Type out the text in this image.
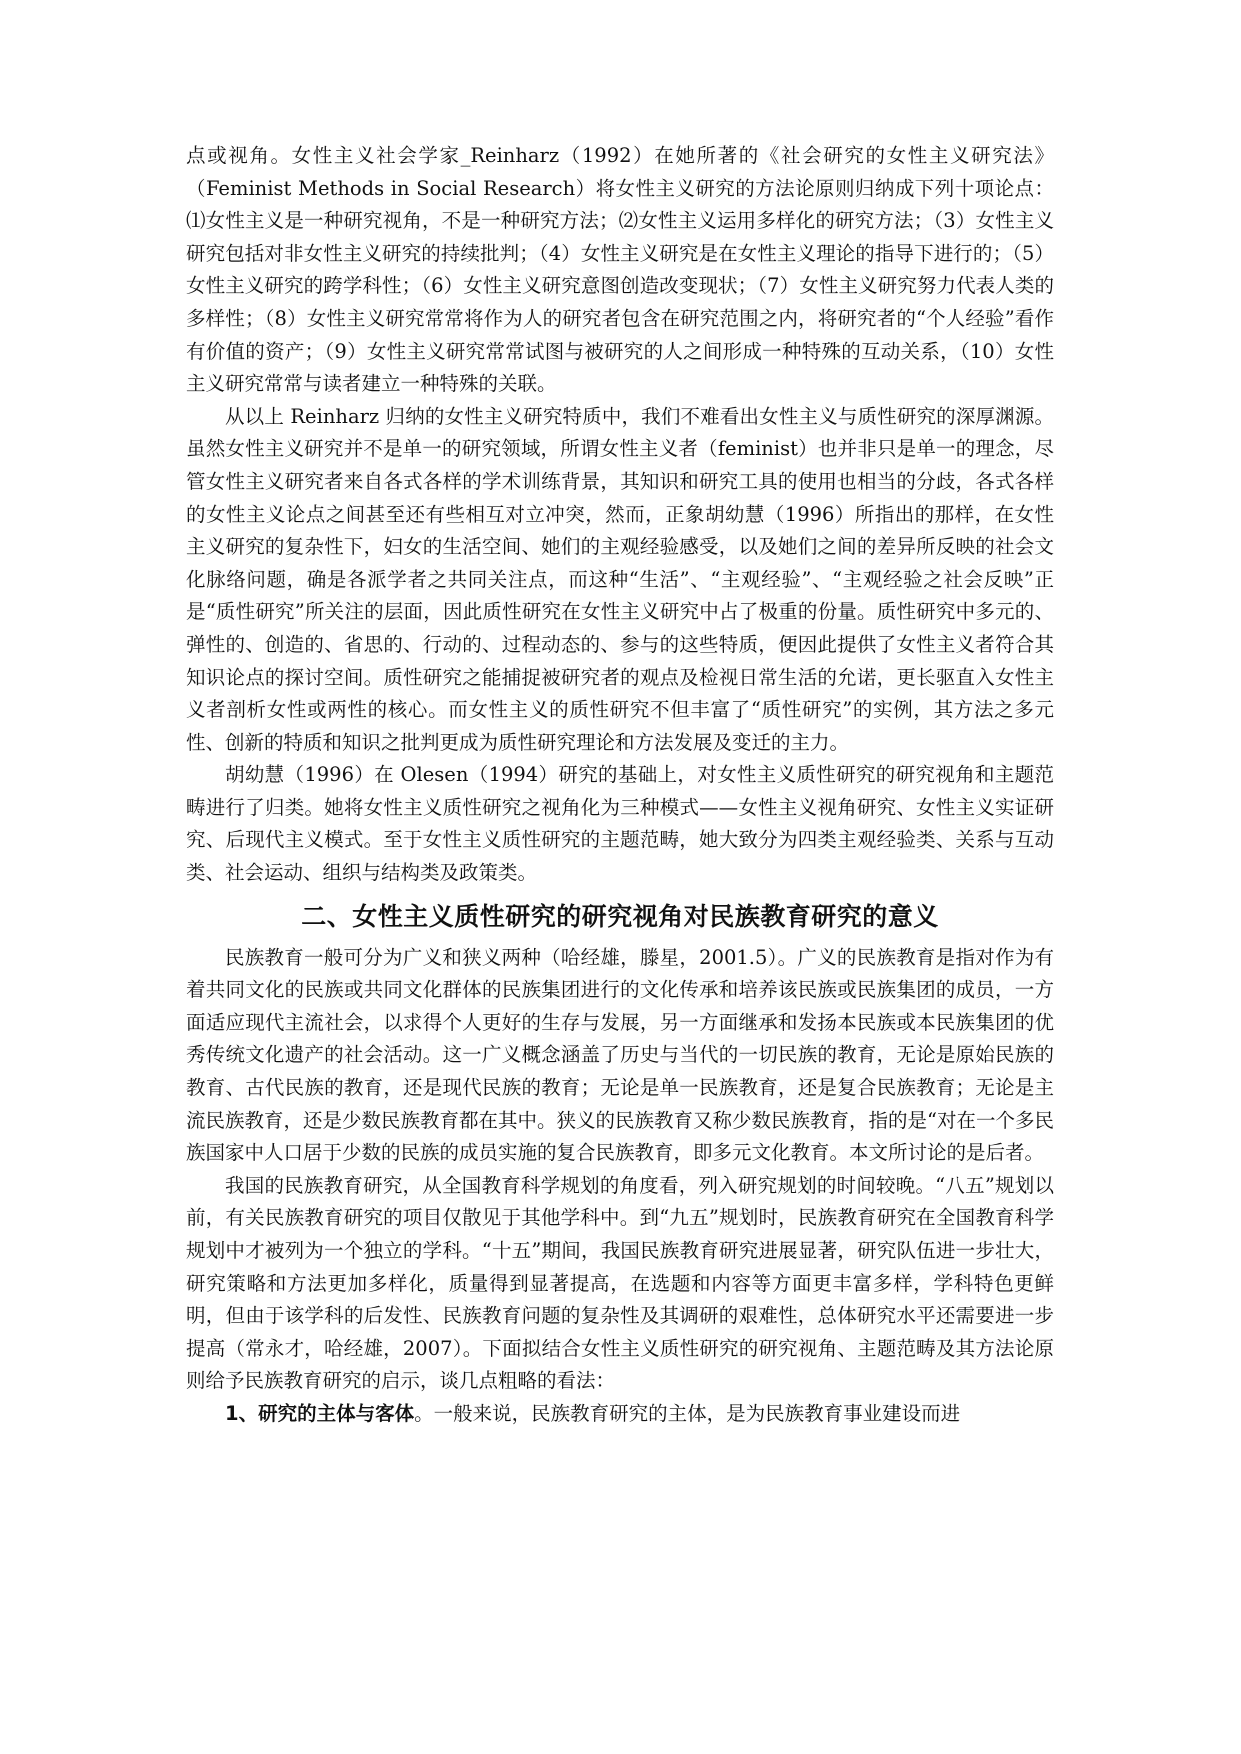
点或视角。女性主义社会学家_Reinharz（1992）在她所著的《社会研究的女性主义研究法》（Feminist Methods in Social Research）将女性主义研究的方法论原则归纳成下列十项论点：⑴女性主义是一种研究视角，不是一种研究方法；⑵女性主义运用多样化的研究方法；（3）女性主义研究包括对非女性主义研究的持续批判；（4）女性主义研究是在女性主义理论的指导下进行的；（5）女性主义研究的跨学科性；（6）女性主义研究意图创造改变现状；（7）女性主义研究努力代表人类的多样性；（8）女性主义研究常常将作为人的研究者包含在研究范围之内，将研究者的“个人经验”看作有价值的资产；（9）女性主义研究常常试图与被研究的人之间形成一种特殊的互动关系，（10）女性主义研究常常与读者建立一种特殊的关联。

从以上 Reinharz 归纳的女性主义研究特质中，我们不难看出女性主义与质性研究的深厚渊源。虽然女性主义研究并不是单一的研究领域，所谓女性主义者（feminist）也并非只是单一的理念，尽管女性主义研究者来自各式各样的学术训练背景，其知识和研究工具的使用也相当的分歧，各式各样的女性主义论点之间甚至还有些相互对立冲突，然而，正象胡幼慧（1996）所指出的那样，在女性主义研究的复杂性下，妇女的生活空间、她们的主观经验感受，以及她们之间的差异所反映的社会文化脉络问题，确是各派学者之共同关注点，而这种“生活”、“主观经验”、“主观经验之社会反映”正是“质性研究”所关注的层面，因此质性研究在女性主义研究中占了极重的份量。质性研究中多元的、弹性的、创造的、省思的、行动的、过程动态的、参与的这些特质，便因此提供了女性主义者符合其知识论点的探讨空间。质性研究之能捕捉被研究者的观点及检视日常生活的允诺，更长驱直入女性主义者剖析女性或两性的核心。而女性主义的质性研究不但丰富了“质性研究”的实例，其方法之多元性、创新的特质和知识之批判更成为质性研究理论和方法发展及变迁的主力。

胡幼慧（1996）在 Olesen（1994）研究的基础上，对女性主义质性研究的研究视角和主题范畴进行了归类。她将女性主义质性研究之视角化为三种模式——女性主义视角研究、女性主义实证研究、后现代主义模式。至于女性主义质性研究的主题范畴，她大致分为四类主观经验类、关系与互动类、社会运动、组织与结构类及政策类。

二、女性主义质性研究的研究视角对民族教育研究的意义

民族教育一般可分为广义和狭义两种（哈经雄，滕星，2001.5）。广义的民族教育是指对作为有着共同文化的民族或共同文化群体的民族集团进行的文化传承和培养该民族或民族集团的成员，一方面适应现代主流社会，以求得个人更好的生存与发展，另一方面继承和发扬本民族或本民族集团的优秀传统文化遗产的社会活动。这一广义概念涵盖了历史与当代的一切民族的教育，无论是原始民族的教育、古代民族的教育，还是现代民族的教育；无论是单一民族教育，还是复合民族教育；无论是主流民族教育，还是少数民族教育都在其中。狭义的民族教育又称少数民族教育，指的是“对在一个多民族国家中人口居于少数的民族的成员实施的复合民族教育，即多元文化教育。本文所讨论的是后者。

我国的民族教育研究，从全国教育科学规划的角度看，列入研究规划的时间较晚。“八五”规划以前，有关民族教育研究的项目仅散见于其他学科中。到“九五”规划时，民族教育研究在全国教育科学规划中才被列为一个独立的学科。“十五”期间，我国民族教育研究进展显著，研究队伍进一步壮大，研究策略和方法更加多样化，质量得到显著提高，在选题和内容等方面更丰富多样，学科特色更鲜明，但由于该学科的后发性、民族教育问题的复杂性及其调研的艰难性，总体研究水平还需要进一步提高（常永才，哈经雄，2007）。下面拟结合女性主义质性研究的研究视角、主题范畴及其方法论原则给予民族教育研究的启示，谈几点粗略的看法：

1、研究的主体与客体。一般来说，民族教育研究的主体，是为民族教育事业建设而进
